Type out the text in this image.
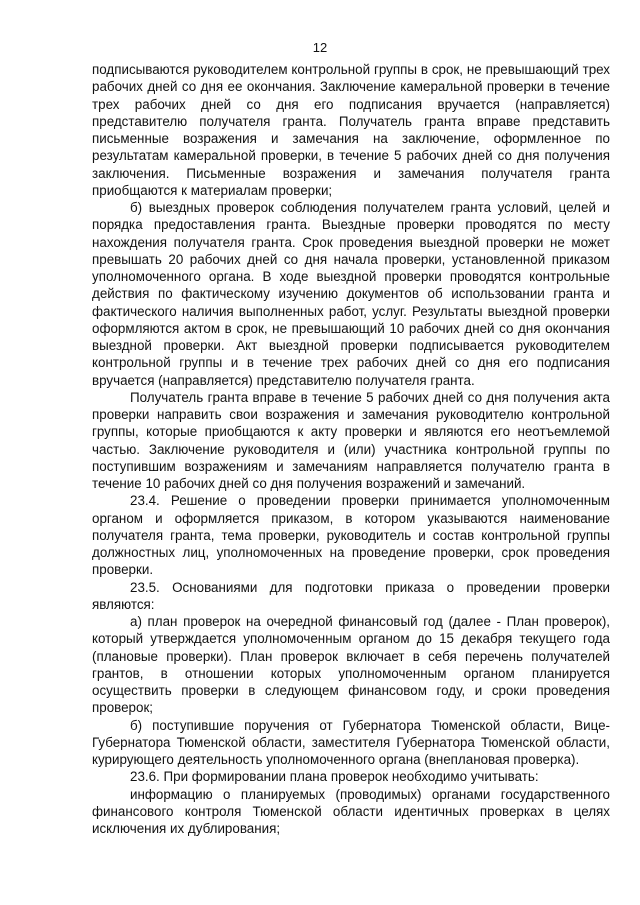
12

подписываются руководителем контрольной группы в срок, не превышающий трех рабочих дней со дня ее окончания. Заключение камеральной проверки в течение трех рабочих дней со дня его подписания вручается (направляется) представителю получателя гранта. Получатель гранта вправе представить письменные возражения и замечания на заключение, оформленное по результатам камеральной проверки, в течение 5 рабочих дней со дня получения заключения. Письменные возражения и замечания получателя гранта приобщаются к материалам проверки;

б) выездных проверок соблюдения получателем гранта условий, целей и порядка предоставления гранта. Выездные проверки проводятся по месту нахождения получателя гранта. Срок проведения выездной проверки не может превышать 20 рабочих дней со дня начала проверки, установленной приказом уполномоченного органа. В ходе выездной проверки проводятся контрольные действия по фактическому изучению документов об использовании гранта и фактического наличия выполненных работ, услуг. Результаты выездной проверки оформляются актом в срок, не превышающий 10 рабочих дней со дня окончания выездной проверки. Акт выездной проверки подписывается руководителем контрольной группы и в течение трех рабочих дней со дня его подписания вручается (направляется) представителю получателя гранта.

Получатель гранта вправе в течение 5 рабочих дней со дня получения акта проверки направить свои возражения и замечания руководителю контрольной группы, которые приобщаются к акту проверки и являются его неотъемлемой частью. Заключение руководителя и (или) участника контрольной группы по поступившим возражениям и замечаниям направляется получателю гранта в течение 10 рабочих дней со дня получения возражений и замечаний.

23.4. Решение о проведении проверки принимается уполномоченным органом и оформляется приказом, в котором указываются наименование получателя гранта, тема проверки, руководитель и состав контрольной группы должностных лиц, уполномоченных на проведение проверки, срок проведения проверки.

23.5. Основаниями для подготовки приказа о проведении проверки являются:

а) план проверок на очередной финансовый год (далее - План проверок), который утверждается уполномоченным органом до 15 декабря текущего года (плановые проверки). План проверок включает в себя перечень получателей грантов, в отношении которых уполномоченным органом планируется осуществить проверки в следующем финансовом году, и сроки проведения проверок;

б) поступившие поручения от Губернатора Тюменской области, Вице-Губернатора Тюменской области, заместителя Губернатора Тюменской области, курирующего деятельность уполномоченного органа (внеплановая проверка).

23.6. При формировании плана проверок необходимо учитывать:

информацию о планируемых (проводимых) органами государственного финансового контроля Тюменской области идентичных проверках в целях исключения их дублирования;
